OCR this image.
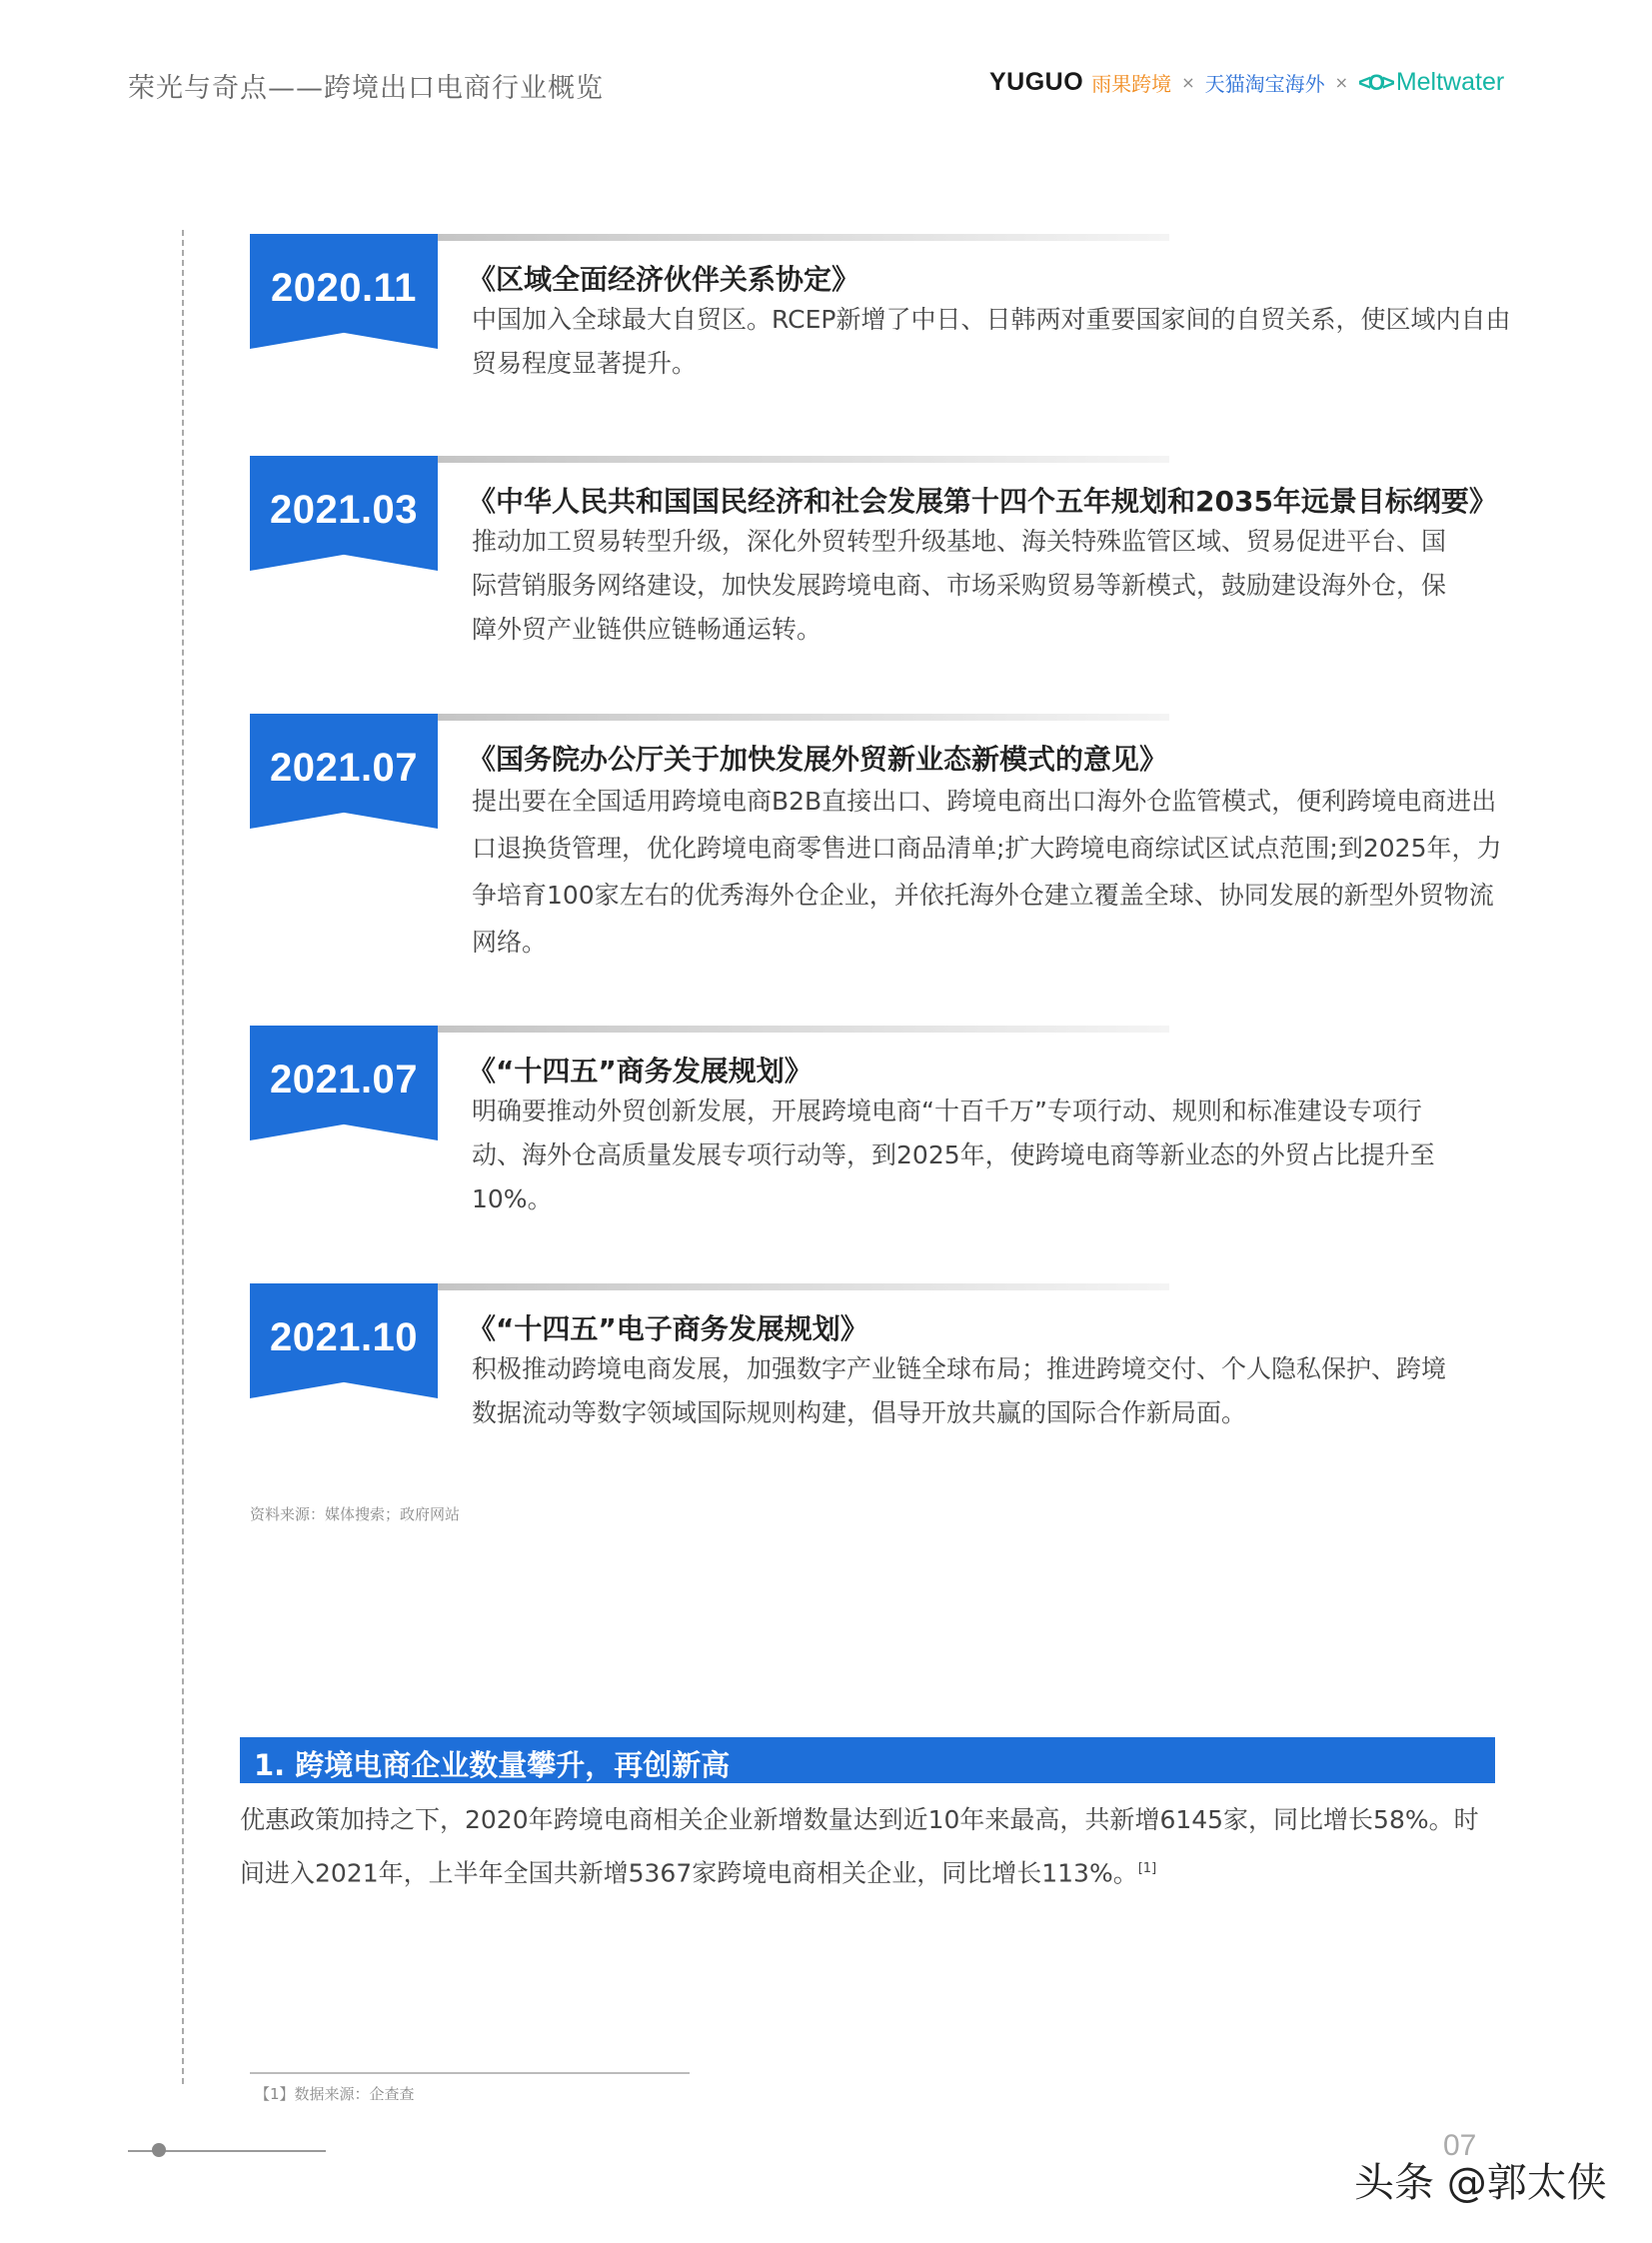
荣光与奇点——跨境出口电商行业概览	YUGUO 雨果跨境 × 天猫淘宝海外 × <O> Meltwater
2020.11	《区域全面经济伙伴关系协定》
中国加入全球最大自贸区。RCEP新增了中日、日韩两对重要国家间的自贸关系，使区域内自由贸易程度显著提升。
2021.03	《中华人民共和国国民经济和社会发展第十四个五年规划和2035年远景目标纲要》
推动加工贸易转型升级，深化外贸转型升级基地、海关特殊监管区域、贸易促进平台、国际营销服务网络建设，加快发展跨境电商、市场采购贸易等新模式，鼓励建设海外仓，保障外贸产业链供应链畅通运转。
2021.07	《国务院办公厅关于加快发展外贸新业态新模式的意见》
提出要在全国适用跨境电商B2B直接出口、跨境电商出口海外仓监管模式，便利跨境电商进出口退换货管理，优化跨境电商零售进口商品清单;扩大跨境电商综试区试点范围;到2025年，力争培育100家左右的优秀海外仓企业，并依托海外仓建立覆盖全球、协同发展的新型外贸物流网络。
2021.07	《“十四五”商务发展规划》
明确要推动外贸创新发展，开展跨境电商“十百千万”专项行动、规则和标准建设专项行动、海外仓高质量发展专项行动等，到2025年，使跨境电商等新业态的外贸占比提升至10%。
2021.10	《“十四五”电子商务发展规划》
积极推动跨境电商发展，加强数字产业链全球布局；推进跨境交付、个人隐私保护、跨境数据流动等数字领域国际规则构建，倡导开放共赢的国际合作新局面。
资料来源：媒体搜索；政府网站
1. 跨境电商企业数量攀升，再创新高
优惠政策加持之下，2020年跨境电商相关企业新增数量达到近10年来最高，共新增6145家，同比增长58%。时间进入2021年，上半年全国共新增5367家跨境电商相关企业，同比增长113%。[1]
【1】数据来源：企查查
07
头条 @郭太侠
